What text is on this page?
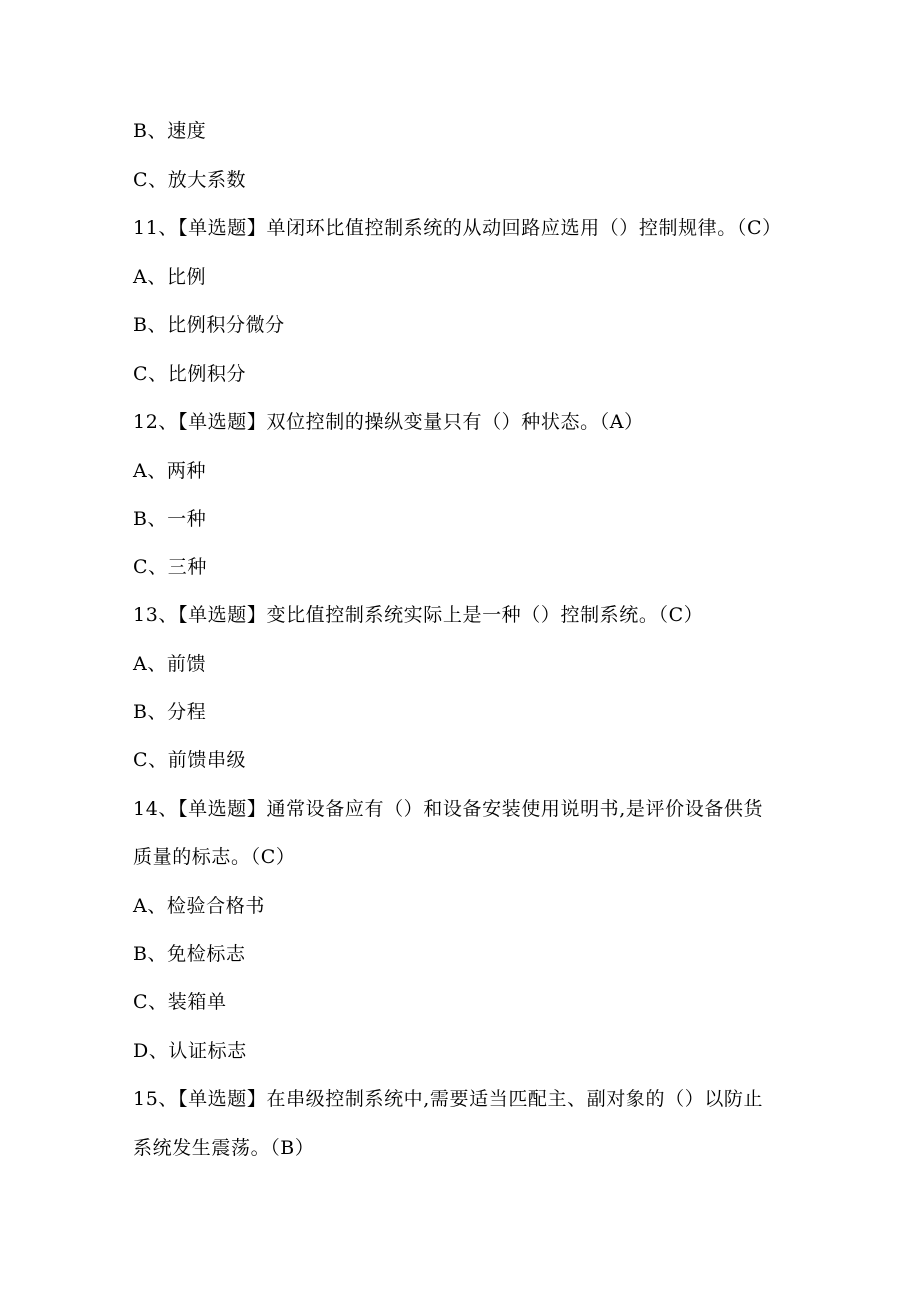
B、速度
C、放大系数
11、【单选题】单闭环比值控制系统的从动回路应选用（）控制规律。（C）
A、比例
B、比例积分微分
C、比例积分
12、【单选题】双位控制的操纵变量只有（）种状态。（A）
A、两种
B、一种
C、三种
13、【单选题】变比值控制系统实际上是一种（）控制系统。（C）
A、前馈
B、分程
C、前馈串级
14、【单选题】通常设备应有（）和设备安装使用说明书,是评价设备供货
质量的标志。（C）
A、检验合格书
B、免检标志
C、装箱单
D、认证标志
15、【单选题】在串级控制系统中,需要适当匹配主、副对象的（）以防止
系统发生震荡。（B）
